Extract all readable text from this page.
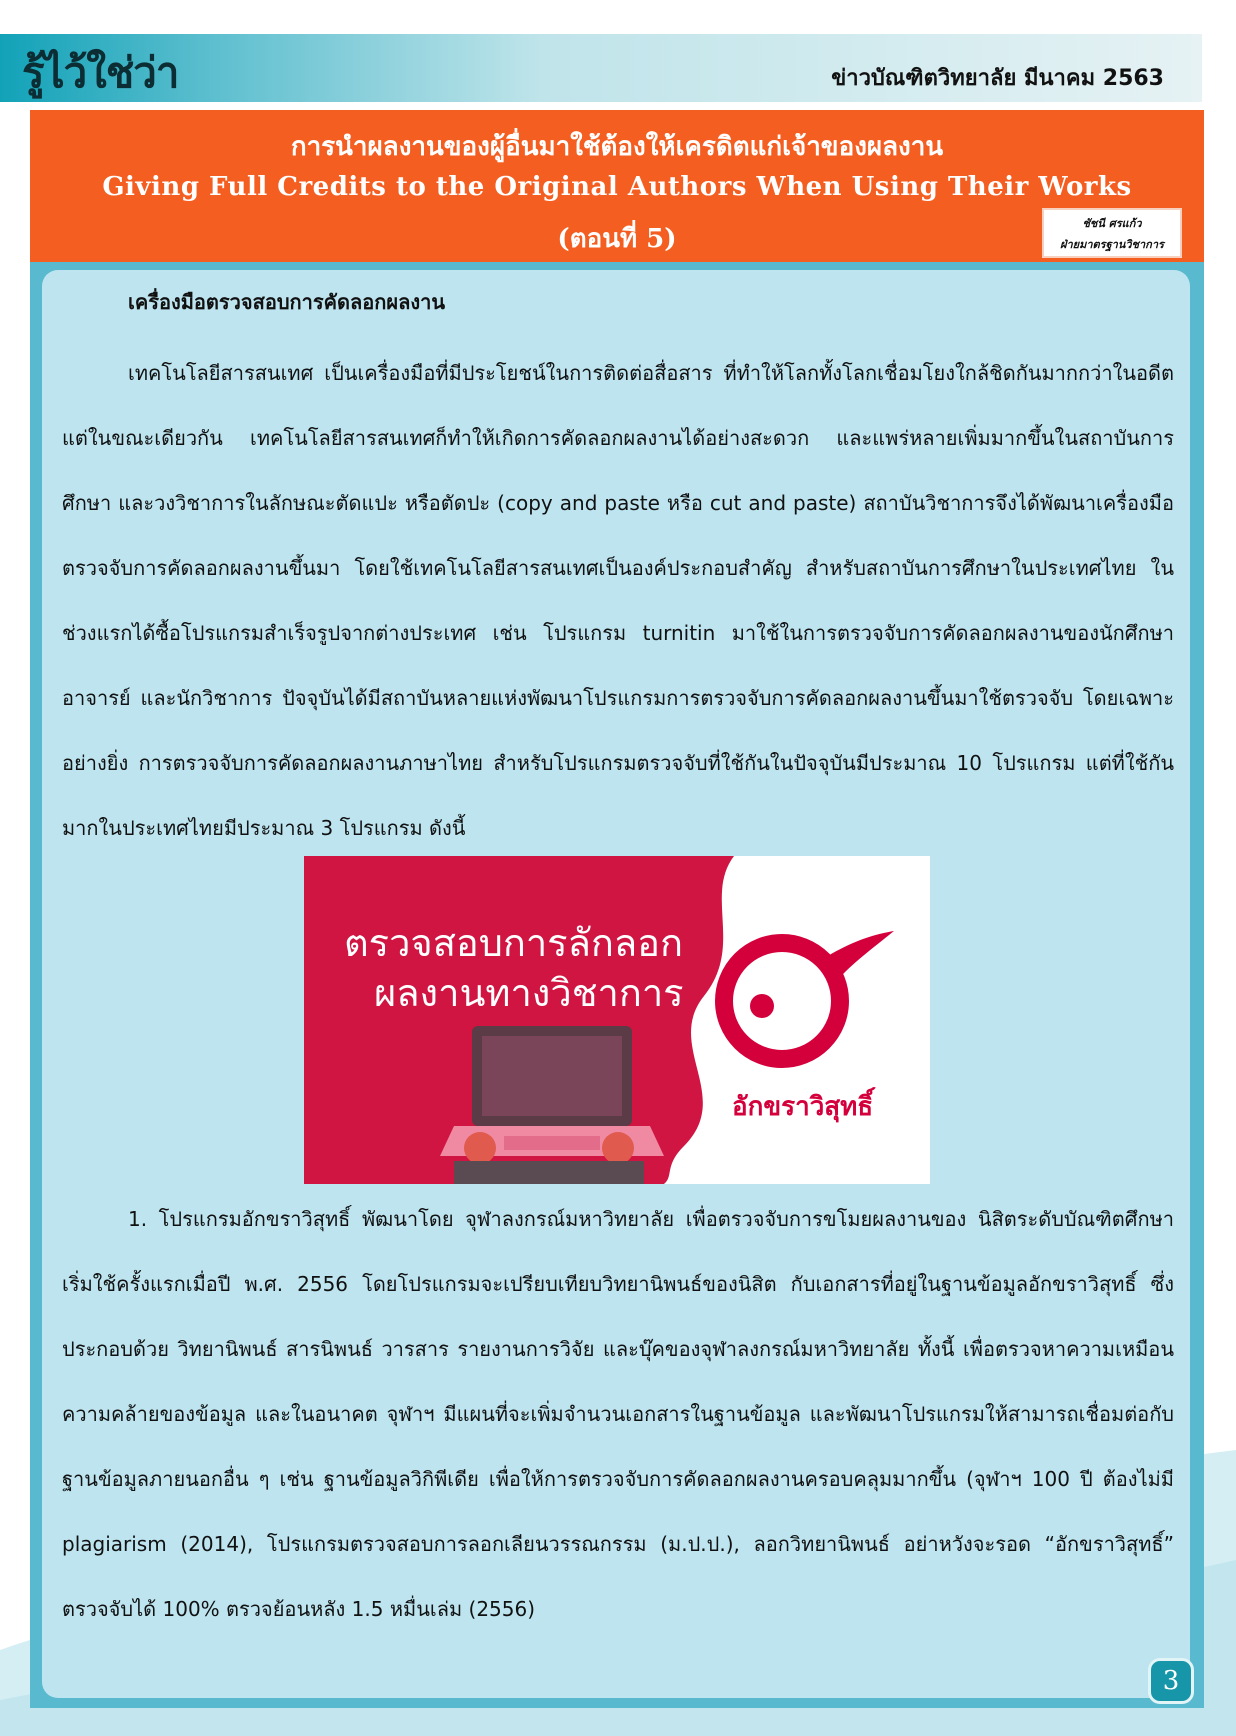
รู้ไว้ใช่ว่า	ข่าวบัณฑิตวิทยาลัย มีนาคม 2563
การนำผลงานของผู้อื่นมาใช้ต้องให้เครดิตแก่เจ้าของผลงาน
Giving Full Credits to the Original Authors When Using Their Works
(ตอนที่ 5)
ชัชนี ศรแก้ว
ฝ่ายมาตรฐานวิชาการ
เครื่องมือตรวจสอบการคัดลอกผลงาน
เทคโนโลยีสารสนเทศ เป็นเครื่องมือที่มีประโยชน์ในการติดต่อสื่อสาร ที่ทำให้โลกทั้งโลกเชื่อมโยงใกล้ชิดกันมากกว่าในอดีต แต่ในขณะเดียวกัน เทคโนโลยีสารสนเทศก็ทำให้เกิดการคัดลอกผลงานได้อย่างสะดวก และแพร่หลายเพิ่มมากขึ้นในสถาบันการศึกษา และวงวิชาการในลักษณะตัดแปะ หรือตัดปะ (copy and paste หรือ cut and paste) สถาบันวิชาการจึงได้พัฒนาเครื่องมือตรวจจับการคัดลอกผลงานขึ้นมา โดยใช้เทคโนโลยีสารสนเทศเป็นองค์ประกอบสำคัญ สำหรับสถาบันการศึกษาในประเทศไทย ในช่วงแรกได้ซื้อโปรแกรมสำเร็จรูปจากต่างประเทศ เช่น โปรแกรม turnitin มาใช้ในการตรวจจับการคัดลอกผลงานของนักศึกษา อาจารย์ และนักวิชาการ ปัจจุบันได้มีสถาบันหลายแห่งพัฒนาโปรแกรมการตรวจจับการคัดลอกผลงานขึ้นมาใช้ตรวจจับ โดยเฉพาะอย่างยิ่ง การตรวจจับการคัดลอกผลงานภาษาไทย สำหรับโปรแกรมตรวจจับที่ใช้กันในปัจจุบันมีประมาณ 10 โปรแกรม แต่ที่ใช้กันมากในประเทศไทยมีประมาณ 3 โปรแกรม ดังนี้
ตรวจสอบการลักลอก
ผลงานทางวิชาการ
อักขราวิสุทธิ์
1. โปรแกรมอักขราวิสุทธิ์ พัฒนาโดย จุฬาลงกรณ์มหาวิทยาลัย เพื่อตรวจจับการขโมยผลงานของ นิสิตระดับบัณฑิตศึกษา เริ่มใช้ครั้งแรกเมื่อปี พ.ศ. 2556 โดยโปรแกรมจะเปรียบเทียบวิทยานิพนธ์ของนิสิต กับเอกสารที่อยู่ในฐานข้อมูลอักขราวิสุทธิ์ ซึ่งประกอบด้วย วิทยานิพนธ์ สารนิพนธ์ วารสาร รายงานการวิจัย และบุ๊คของจุฬาลงกรณ์มหาวิทยาลัย ทั้งนี้ เพื่อตรวจหาความเหมือน ความคล้ายของข้อมูล และในอนาคต จุฬาฯ มีแผนที่จะเพิ่มจำนวนเอกสารในฐานข้อมูล และพัฒนาโปรแกรมให้สามารถเชื่อมต่อกับฐานข้อมูลภายนอกอื่น ๆ เช่น ฐานข้อมูลวิกิพีเดีย เพื่อให้การตรวจจับการคัดลอกผลงานครอบคลุมมากขึ้น (จุฬาฯ 100 ปี ต้องไม่มี plagiarism (2014), โปรแกรมตรวจสอบการลอกเลียนวรรณกรรม (ม.ป.ป.), ลอกวิทยานิพนธ์ อย่าหวังจะรอด “อักขราวิสุทธิ์” ตรวจจับได้ 100% ตรวจย้อนหลัง 1.5 หมื่นเล่ม (2556)
3
